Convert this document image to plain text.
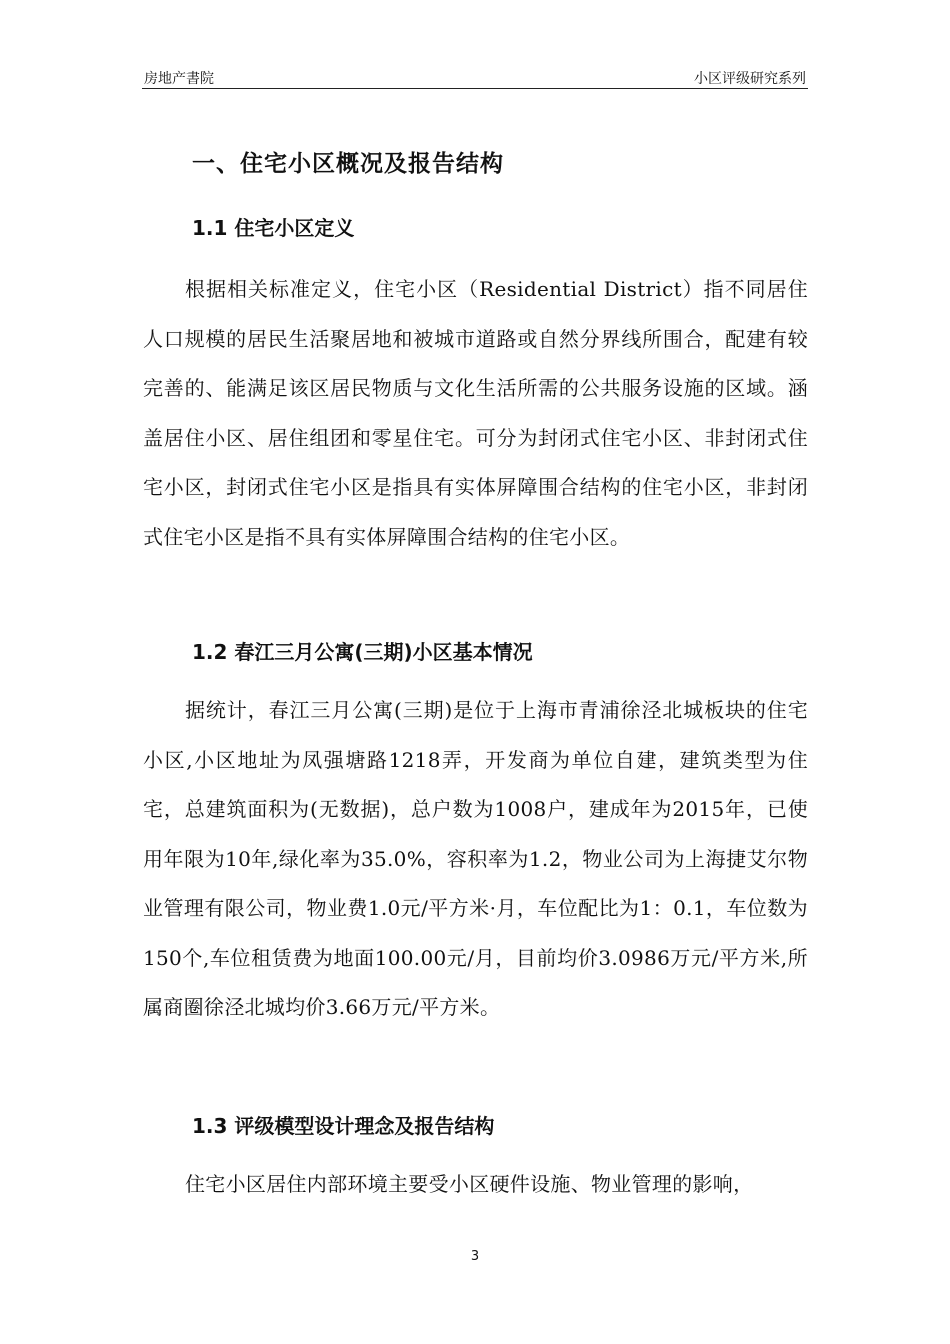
房地产書院	小区评级研究系列
一、住宅小区概况及报告结构
1.1 住宅小区定义
根据相关标准定义，住宅小区（Residential District）指不同居住人口规模的居民生活聚居地和被城市道路或自然分界线所围合，配建有较完善的、能满足该区居民物质与文化生活所需的公共服务设施的区域。涵盖居住小区、居住组团和零星住宅。可分为封闭式住宅小区、非封闭式住宅小区，封闭式住宅小区是指具有实体屏障围合结构的住宅小区，非封闭式住宅小区是指不具有实体屏障围合结构的住宅小区。
1.2 春江三月公寓(三期)小区基本情况
据统计，春江三月公寓(三期)是位于上海市青浦徐泾北城板块的住宅小区,小区地址为凤强塘路1218弄，开发商为单位自建，建筑类型为住宅，总建筑面积为(无数据)，总户数为1008户，建成年为2015年，已使用年限为10年,绿化率为35.0%，容积率为1.2，物业公司为上海捷艾尔物业管理有限公司，物业费1.0元/平方米·月，车位配比为1：0.1，车位数为150个,车位租赁费为地面100.00元/月，目前均价3.0986万元/平方米,所属商圈徐泾北城均价3.66万元/平方米。
1.3 评级模型设计理念及报告结构
住宅小区居住内部环境主要受小区硬件设施、物业管理的影响，
3
